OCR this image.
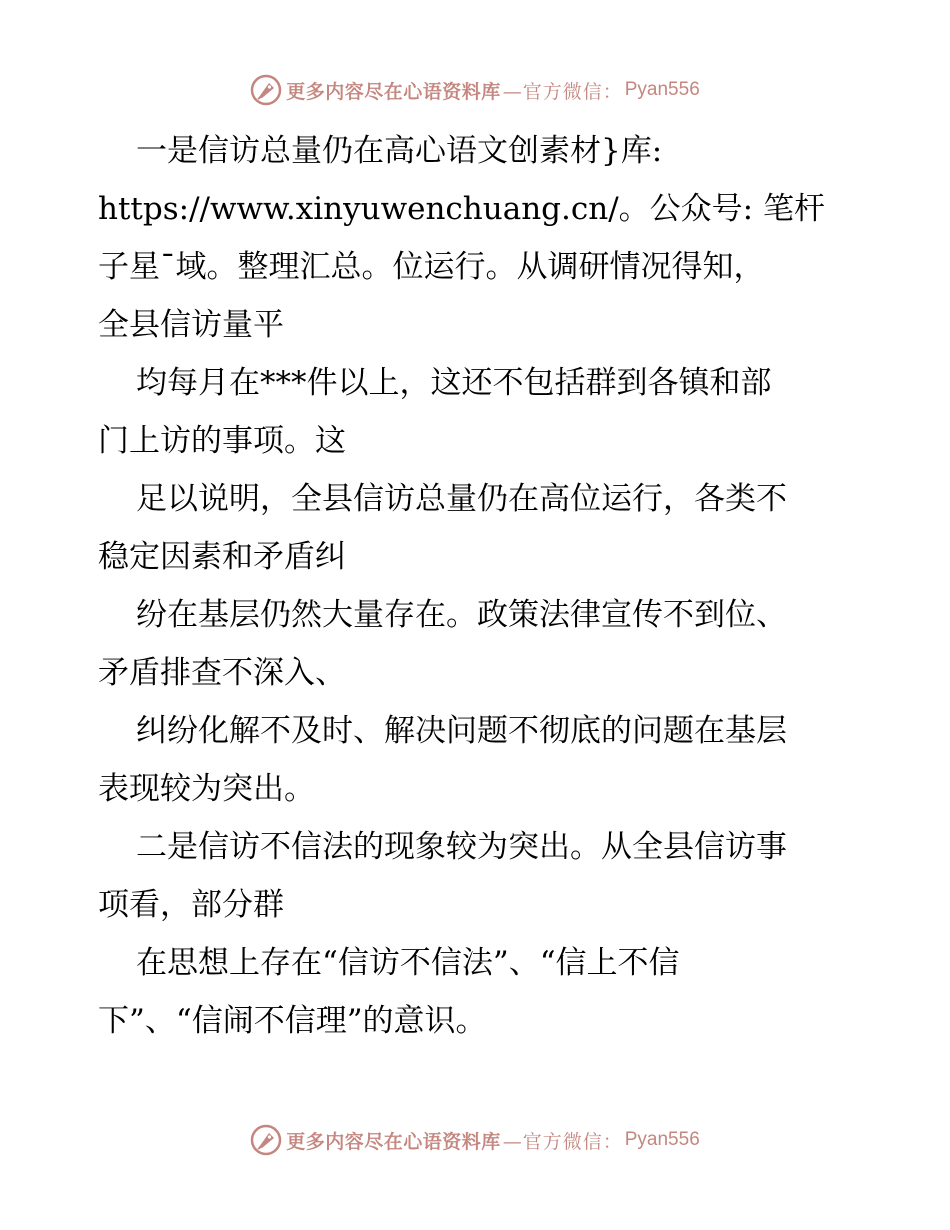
更多内容尽在心语资料库 —官方微信： Pyan556

一是信访总量仍在高心语文创素材}库:
https://www.xinyuwenchuang.cn/。公众号: 笔杆
子星¯域。整理汇总。位运行。从调研情况得知，
全县信访量平

均每月在***件以上，这还不包括群到各镇和部
门上访的事项。这

足以说明，全县信访总量仍在高位运行，各类不
稳定因素和矛盾纠

纷在基层仍然大量存在。政策法律宣传不到位、
矛盾排查不深入、

纠纷化解不及时、解决问题不彻底的问题在基层
表现较为突出。

二是信访不信法的现象较为突出。从全县信访事
项看，部分群

在思想上存在“信访不信法”、“信上不信
下”、“信闹不信理”的意识。

更多内容尽在心语资料库 —官方微信： Pyan556
